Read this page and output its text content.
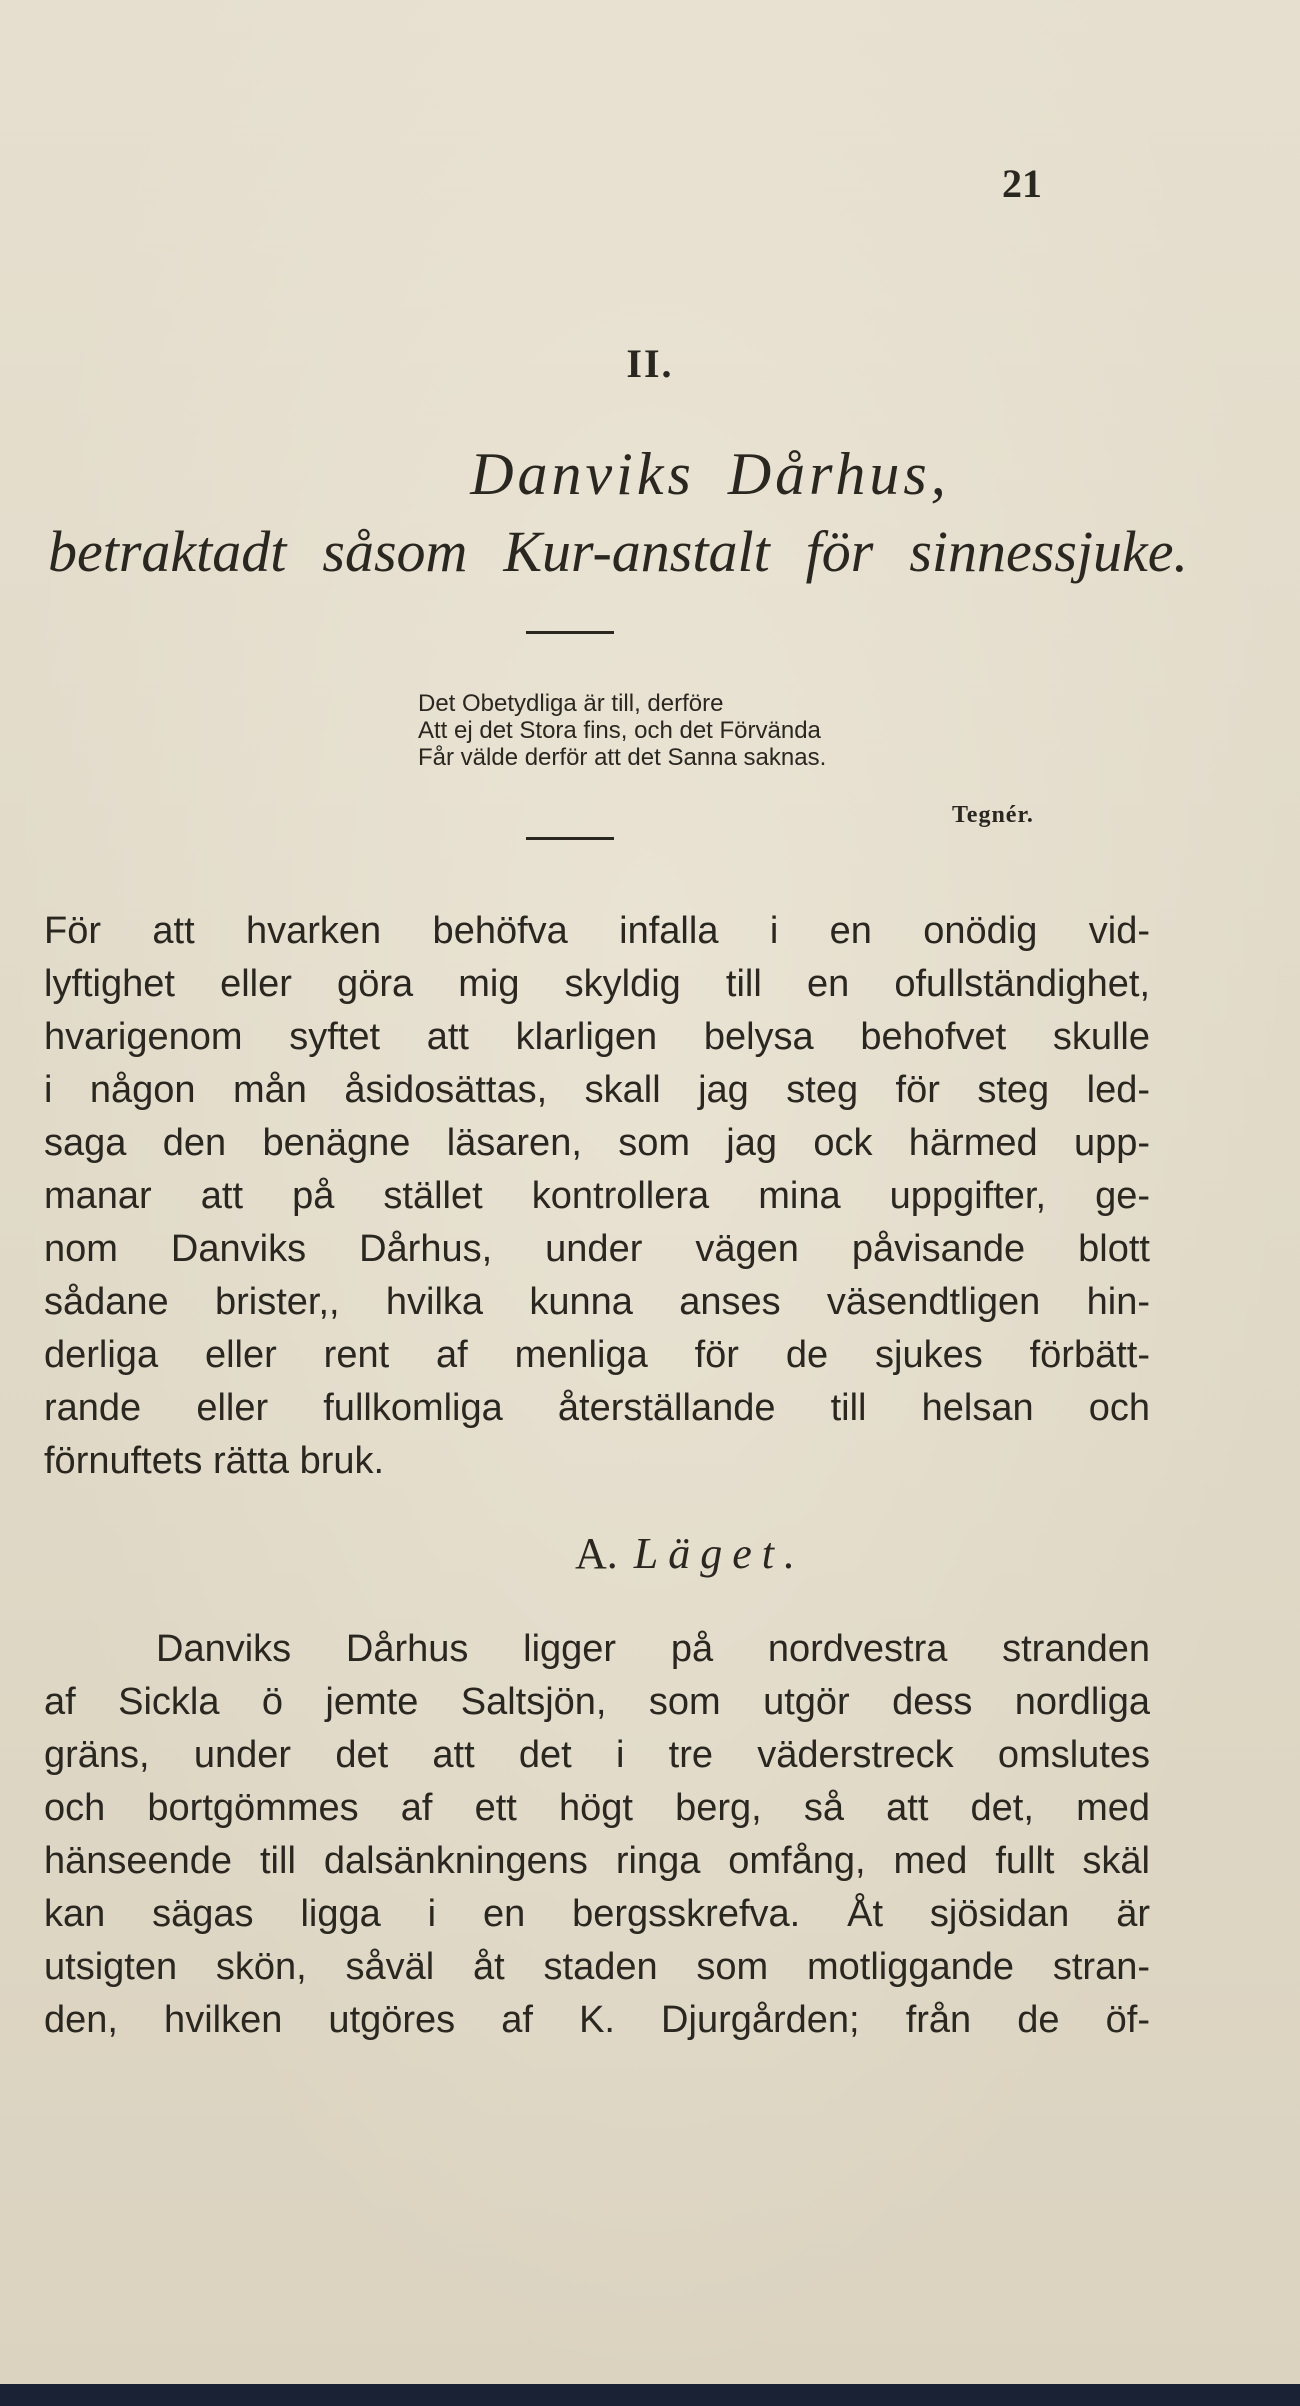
21
II.
Danviks Dårhus,
betraktadt såsom Kur-anstalt för sinnessjuke.
Det Obetydliga är till, derföre
Att ej det Stora fins, och det Förvända
Får välde derför att det Sanna saknas.
Tegnér.
För att hvarken behöfva infalla i en onödig vid-
lyftighet eller göra mig skyldig till en ofullständighet,
hvarigenom syftet att klarligen belysa behofvet skulle
i någon mån åsidosättas, skall jag steg för steg led-
saga den benägne läsaren, som jag ock härmed upp-
manar att på stället kontrollera mina uppgifter, ge-
nom Danviks Dårhus, under vägen påvisande blott
sådane brister,, hvilka kunna anses väsendtligen hin-
derliga eller rent af menliga för de sjukes förbätt-
rande eller fullkomliga återställande till helsan och
förnuftets rätta bruk.
A. Läget.
Danviks Dårhus ligger på nordvestra stranden
af Sickla ö jemte Saltsjön, som utgör dess nordliga
gräns, under det att det i tre väderstreck omslutes
och bortgömmes af ett högt berg, så att det, med
hänseende till dalsänkningens ringa omfång, med fullt skäl
kan sägas ligga i en bergsskrefva. Åt sjösidan är
utsigten skön, såväl åt staden som motliggande stran-
den, hvilken utgöres af K. Djurgården; från de öf-
